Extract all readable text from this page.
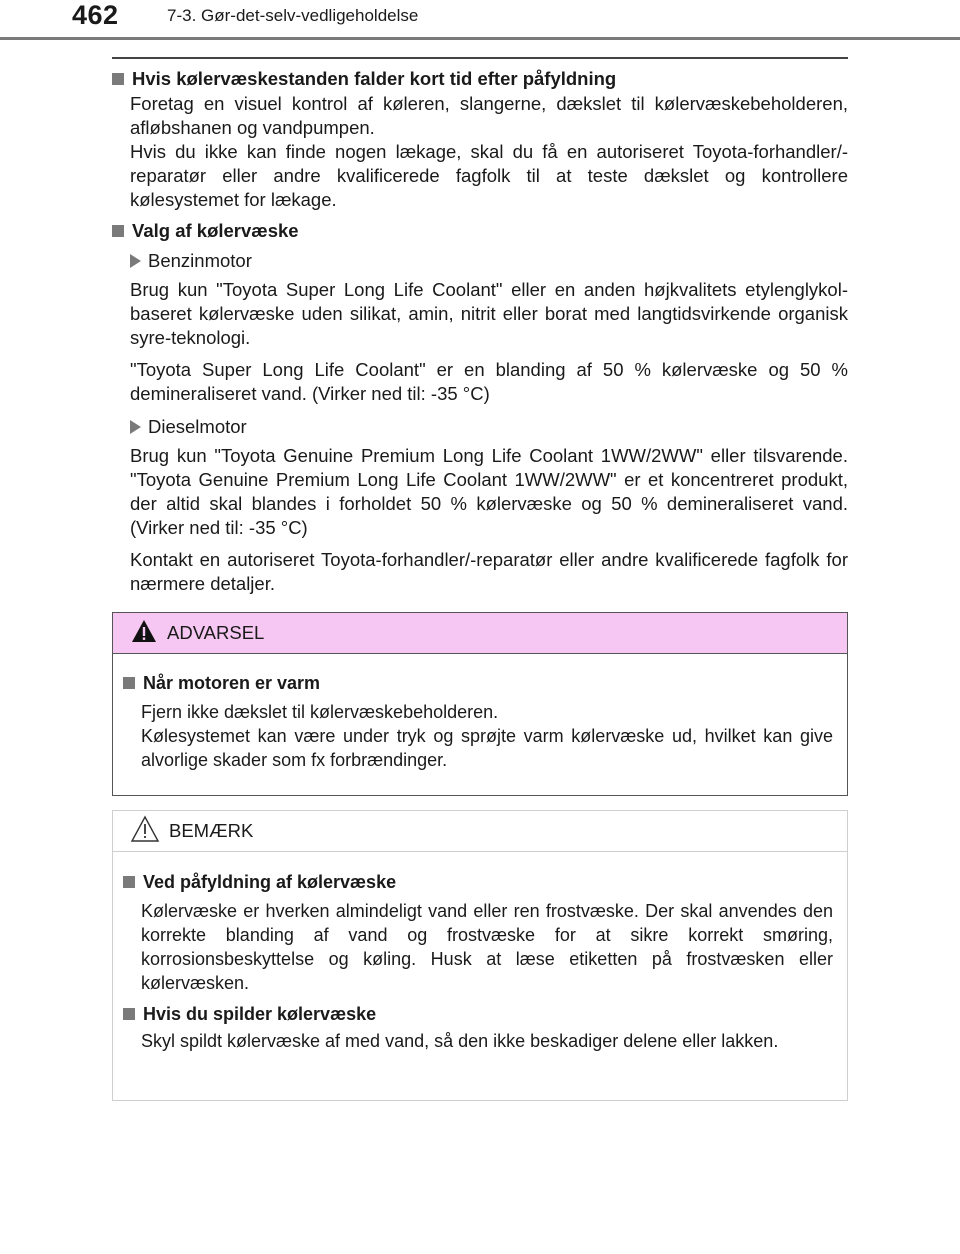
462	7-3. Gør-det-selv-vedligeholdelse
Hvis kølervæskestanden falder kort tid efter påfyldning

Foretag en visuel kontrol af køleren, slangerne, dækslet til kølervæskebeholderen, afløbshanen og vandpumpen.

Hvis du ikke kan finde nogen lækage, skal du få en autoriseret Toyota-forhandler/-reparatør eller andre kvalificerede fagfolk til at teste dækslet og kontrollere kølesystemet for lækage.

Valg af kølervæske
Benzinmotor

Brug kun "Toyota Super Long Life Coolant" eller en anden højkvalitets etylenglykol-baseret kølervæske uden silikat, amin, nitrit eller borat med langtidsvirkende organisk syre-teknologi.

"Toyota Super Long Life Coolant" er en blanding af 50 % kølervæske og 50 % demineraliseret vand. (Virker ned til: -35 °C)

Dieselmotor

Brug kun "Toyota Genuine Premium Long Life Coolant 1WW/2WW" eller tilsvarende. "Toyota Genuine Premium Long Life Coolant 1WW/2WW" er et koncentreret produkt, der altid skal blandes i forholdet 50 % kølervæske og 50 % demineraliseret vand. (Virker ned til: -35 °C)

Kontakt en autoriseret Toyota-forhandler/-reparatør eller andre kvalificerede fagfolk for nærmere detaljer.

ADVARSEL
Når motoren er varm

Fjern ikke dækslet til kølervæskebeholderen.

Kølesystemet kan være under tryk og sprøjte varm kølervæske ud, hvilket kan give alvorlige skader som fx forbrændinger.

BEMÆRK
Ved påfyldning af kølervæske

Kølervæske er hverken almindeligt vand eller ren frostvæske. Der skal anvendes den korrekte blanding af vand og frostvæske for at sikre korrekt smøring, korrosionsbeskyttelse og køling. Husk at læse etiketten på frostvæsken eller kølervæsken.

Hvis du spilder kølervæske

Skyl spildt kølervæske af med vand, så den ikke beskadiger delene eller lakken.
